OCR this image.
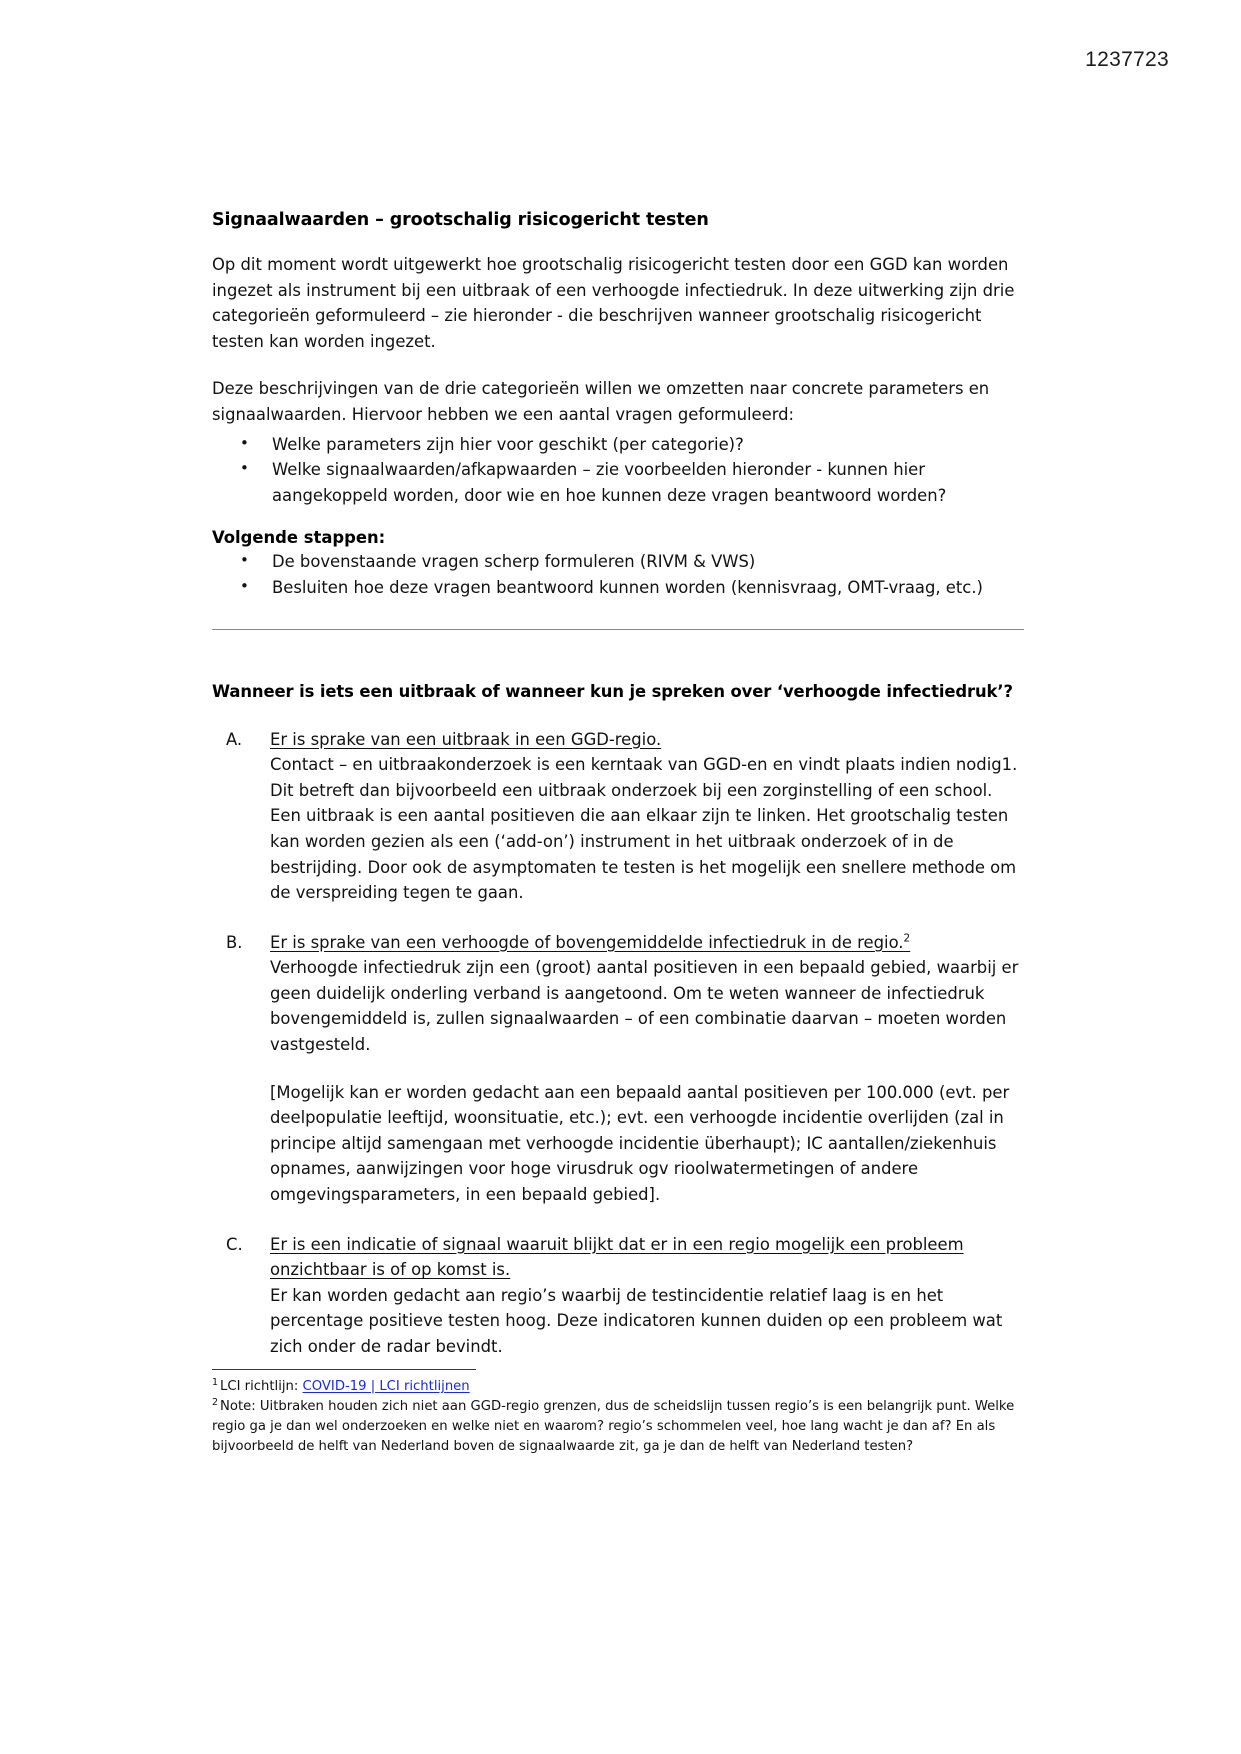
1237723
Signaalwaarden – grootschalig risicogericht testen

Op dit moment wordt uitgewerkt hoe grootschalig risicogericht testen door een GGD kan worden ingezet als instrument bij een uitbraak of een verhoogde infectiedruk. In deze uitwerking zijn drie categorieën geformuleerd – zie hieronder - die beschrijven wanneer grootschalig risicogericht testen kan worden ingezet.

Deze beschrijvingen van de drie categorieën willen we omzetten naar concrete parameters en signaalwaarden. Hiervoor hebben we een aantal vragen geformuleerd:

• Welke parameters zijn hier voor geschikt (per categorie)?
• Welke signaalwaarden/afkapwaarden – zie voorbeelden hieronder - kunnen hier aangekoppeld worden, door wie en hoe kunnen deze vragen beantwoord worden?
Volgende stappen:
• De bovenstaande vragen scherp formuleren (RIVM & VWS)
• Besluiten hoe deze vragen beantwoord kunnen worden (kennisvraag, OMT-vraag, etc.)
Wanneer is iets een uitbraak of wanneer kun je spreken over ‘verhoogde infectiedruk’?
A. Er is sprake van een uitbraak in een GGD-regio.
Contact – en uitbraakonderzoek is een kerntaak van GGD-en en vindt plaats indien nodig1. Dit betreft dan bijvoorbeeld een uitbraak onderzoek bij een zorginstelling of een school. Een uitbraak is een aantal positieven die aan elkaar zijn te linken. Het grootschalig testen kan worden gezien als een (‘add-on’) instrument in het uitbraak onderzoek of in de bestrijding. Door ook de asymptomaten te testen is het mogelijk een snellere methode om de verspreiding tegen te gaan.
B. Er is sprake van een verhoogde of bovengemiddelde infectiedruk in de regio.$^2$
Verhoogde infectiedruk zijn een (groot) aantal positieven in een bepaald gebied, waarbij er geen duidelijk onderling verband is aangetoond. Om te weten wanneer de infectiedruk bovengemiddeld is, zullen signaalwaarden – of een combinatie daarvan – moeten worden vastgesteld.
[Mogelijk kan er worden gedacht aan een bepaald aantal positieven per 100.000 (evt. per deelpopulatie leeftijd, woonsituatie, etc.); evt. een verhoogde incidentie overlijden (zal in principe altijd samengaan met verhoogde incidentie überhaupt); IC aantallen/ziekenhuis opnames, aanwijzingen voor hoge virusdruk ogv rioolwatermetingen of andere omgevingsparameters, in een bepaald gebied].
C. Er is een indicatie of signaal waaruit blijkt dat er in een regio mogelijk een probleem onzichtbaar is of op komst is.
Er kan worden gedacht aan regio’s waarbij de testincidentie relatief laag is en het percentage positieve testen hoog. Deze indicatoren kunnen duiden op een probleem wat zich onder de radar bevindt.

$^1$ LCI richtlijn: COVID-19 | LCI richtlijnen

$^2$ Note: Uitbraken houden zich niet aan GGD-regio grenzen, dus de scheidslijn tussen regio’s is een belangrijk punt. Welke regio ga je dan wel onderzoeken en welke niet en waarom? regio’s schommelen veel, hoe lang wacht je dan af? En als bijvoorbeeld de helft van Nederland boven de signaalwaarde zit, ga je dan de helft van Nederland testen?
